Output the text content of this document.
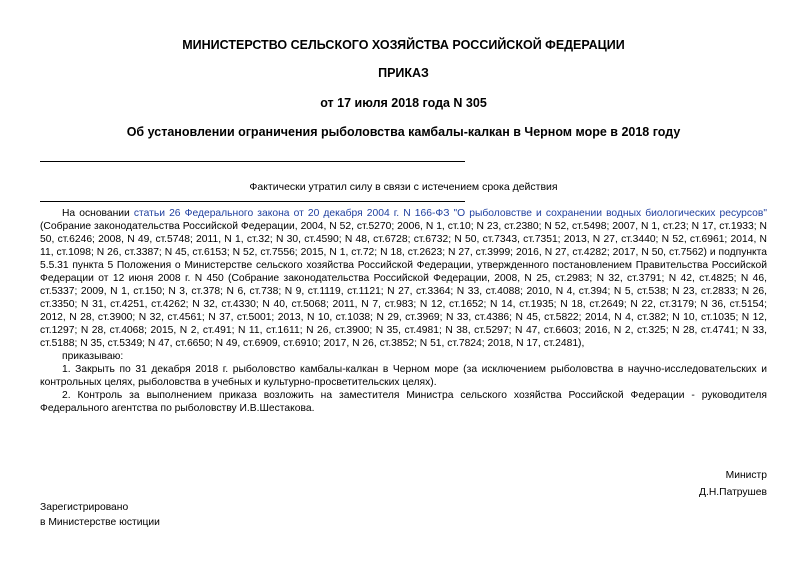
МИНИСТЕРСТВО СЕЛЬСКОГО ХОЗЯЙСТВА РОССИЙСКОЙ ФЕДЕРАЦИИ
ПРИКАЗ
от 17 июля 2018 года N 305
Об установлении ограничения рыболовства камбалы-калкан в Черном море в 2018 году
Фактически утратил силу в связи с истечением срока действия

На основании статьи 26 Федерального закона от 20 декабря 2004 г. N 166-ФЗ "О рыболовстве и сохранении водных биологических ресурсов" (Собрание законодательства Российской Федерации, 2004, N 52, ст.5270; 2006, N 1, ст.10; N 23, ст.2380; N 52, ст.5498; 2007, N 1, ст.23; N 17, ст.1933; N 50, ст.6246; 2008, N 49, ст.5748; 2011, N 1, ст.32; N 30, ст.4590; N 48, ст.6728; ст.6732; N 50, ст.7343, ст.7351; 2013, N 27, ст.3440; N 52, ст.6961; 2014, N 11, ст.1098; N 26, ст.3387; N 45, ст.6153; N 52, ст.7556; 2015, N 1, ст.72; N 18, ст.2623; N 27, ст.3999; 2016, N 27, ст.4282; 2017, N 50, ст.7562) и подпункта 5.5.31 пункта 5 Положения о Министерстве сельского хозяйства Российской Федерации, утвержденного постановлением Правительства Российской Федерации от 12 июня 2008 г. N 450 (Собрание законодательства Российской Федерации, 2008, N 25, ст.2983; N 32, ст.3791; N 42, ст.4825; N 46, ст.5337; 2009, N 1, ст.150; N 3, ст.378; N 6, ст.738; N 9, ст.1119, ст.1121; N 27, ст.3364; N 33, ст.4088; 2010, N 4, ст.394; N 5, ст.538; N 23, ст.2833; N 26, ст.3350; N 31, ст.4251, ст.4262; N 32, ст.4330; N 40, ст.5068; 2011, N 7, ст.983; N 12, ст.1652; N 14, ст.1935; N 18, ст.2649; N 22, ст.3179; N 36, ст.5154; 2012, N 28, ст.3900; N 32, ст.4561; N 37, ст.5001; 2013, N 10, ст.1038; N 29, ст.3969; N 33, ст.4386; N 45, ст.5822; 2014, N 4, ст.382; N 10, ст.1035; N 12, ст.1297; N 28, ст.4068; 2015, N 2, ст.491; N 11, ст.1611; N 26, ст.3900; N 35, ст.4981; N 38, ст.5297; N 47, ст.6603; 2016, N 2, ст.325; N 28, ст.4741; N 33, ст.5188; N 35, ст.5349; N 47, ст.6650; N 49, ст.6909, ст.6910; 2017, N 26, ст.3852; N 51, ст.7824; 2018, N 17, ст.2481),

приказываю:

1. Закрыть по 31 декабря 2018 г. рыболовство камбалы-калкан в Черном море (за исключением рыболовства в научно-исследовательских и контрольных целях, рыболовства в учебных и культурно-просветительских целях).

2. Контроль за выполнением приказа возложить на заместителя Министра сельского хозяйства Российской Федерации - руководителя Федерального агентства по рыболовству И.В.Шестакова.

Министр
Д.Н.Патрушев
Зарегистрировано
в Министерстве юстиции
